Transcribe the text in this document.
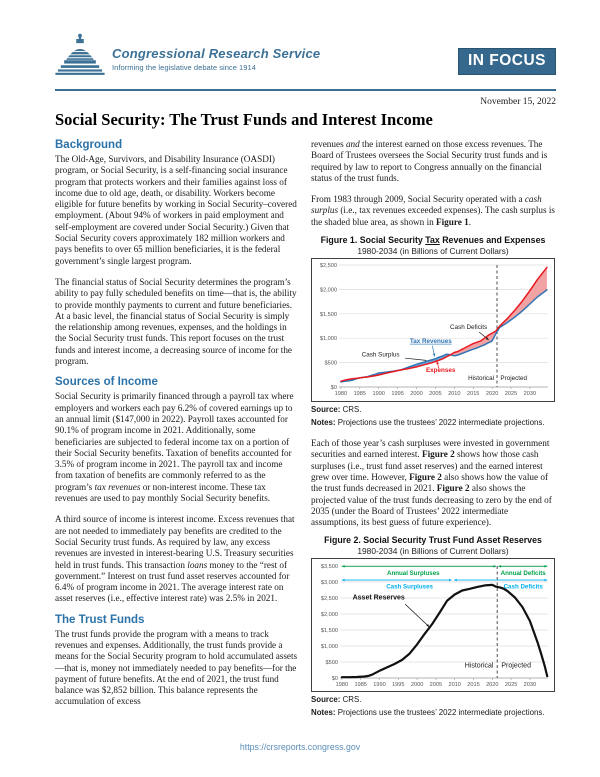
Congressional Research Service
Informing the legislative debate since 1914	IN FOCUS
November 15, 2022
Social Security: The Trust Funds and Interest Income
Background

The Old-Age, Survivors, and Disability Insurance (OASDI) program, or Social Security, is a self-financing social insurance program that protects workers and their families against loss of income due to old age, death, or disability. Workers become eligible for future benefits by working in Social Security–covered employment. (About 94% of workers in paid employment and self-employment are covered under Social Security.) Given that Social Security covers approximately 182 million workers and pays benefits to over 65 million beneficiaries, it is the federal government’s single largest program.

The financial status of Social Security determines the program’s ability to pay fully scheduled benefits on time—that is, the ability to provide monthly payments to current and future beneficiaries. At a basic level, the financial status of Social Security is simply the relationship among revenues, expenses, and the holdings in the Social Security trust funds. This report focuses on the trust funds and interest income, a decreasing source of income for the program.

Sources of Income

Social Security is primarily financed through a payroll tax where employers and workers each pay 6.2% of covered earnings up to an annual limit ($147,000 in 2022). Payroll taxes accounted for 90.1% of program income in 2021. Additionally, some beneficiaries are subjected to federal income tax on a portion of their Social Security benefits. Taxation of benefits accounted for 3.5% of program income in 2021. The payroll tax and income from taxation of benefits are commonly referred to as the program’s tax revenues or non-interest income. These tax revenues are used to pay monthly Social Security benefits.

A third source of income is interest income. Excess revenues that are not needed to immediately pay benefits are credited to the Social Security trust funds. As required by law, any excess revenues are invested in interest-bearing U.S. Treasury securities held in trust funds. This transaction loans money to the “rest of government.” Interest on trust fund asset reserves accounted for 6.4% of program income in 2021. The average interest rate on asset reserves (i.e., effective interest rate) was 2.5% in 2021.

The Trust Funds

The trust funds provide the program with a means to track revenues and expenses. Additionally, the trust funds provide a means for the Social Security program to hold accumulated assets—that is, money not immediately needed to pay benefits—for the payment of future benefits. At the end of 2021, the trust fund balance was $2,852 billion. This balance represents the accumulation of excess

revenues and the interest earned on those excess revenues. The Board of Trustees oversees the Social Security trust funds and is required by law to report to Congress annually on the financial status of the trust funds.

From 1983 through 2009, Social Security operated with a cash surplus (i.e., tax revenues exceeded expenses). The cash surplus is the shaded blue area, as shown in Figure 1.

Figure 1. Social Security Tax Revenues and Expenses
1980-2034 (in Billions of Current Dollars)
$0
$500
$1,000
$1,500
$2,000
$2,500
1980 1985 1990 1995 2000 2005 2010 2015 2020 2025 2030
Cash Surplus
Tax Revenues
Expenses
Cash Deficits
Historical Projected
Source: CRS.
Notes: Projections use the trustees’ 2022 intermediate projections.

Each of those year’s cash surpluses were invested in government securities and earned interest. Figure 2 shows how those cash surpluses (i.e., trust fund asset reserves) and the earned interest grew over time. However, Figure 2 also shows how the value of the trust funds decreased in 2021. Figure 2 also shows the projected value of the trust funds decreasing to zero by the end of 2035 (under the Board of Trustees’ 2022 intermediate assumptions, its best guess of future experience).

Figure 2. Social Security Trust Fund Asset Reserves
1980-2034 (in Billions of Current Dollars)
$0
$500
$1,000
$1,500
$2,000
$2,500
$3,000
$3,500
1980 1985 1990 1995 2000 2005 2010 2015 2020 2025 2030
Annual Surpluses	Annual Deficits
Cash Surpluses	Cash Deficits
Asset Reserves
Historical Projected
Source: CRS.
Notes: Projections use the trustees’ 2022 intermediate projections.
https://crsreports.congress.gov
